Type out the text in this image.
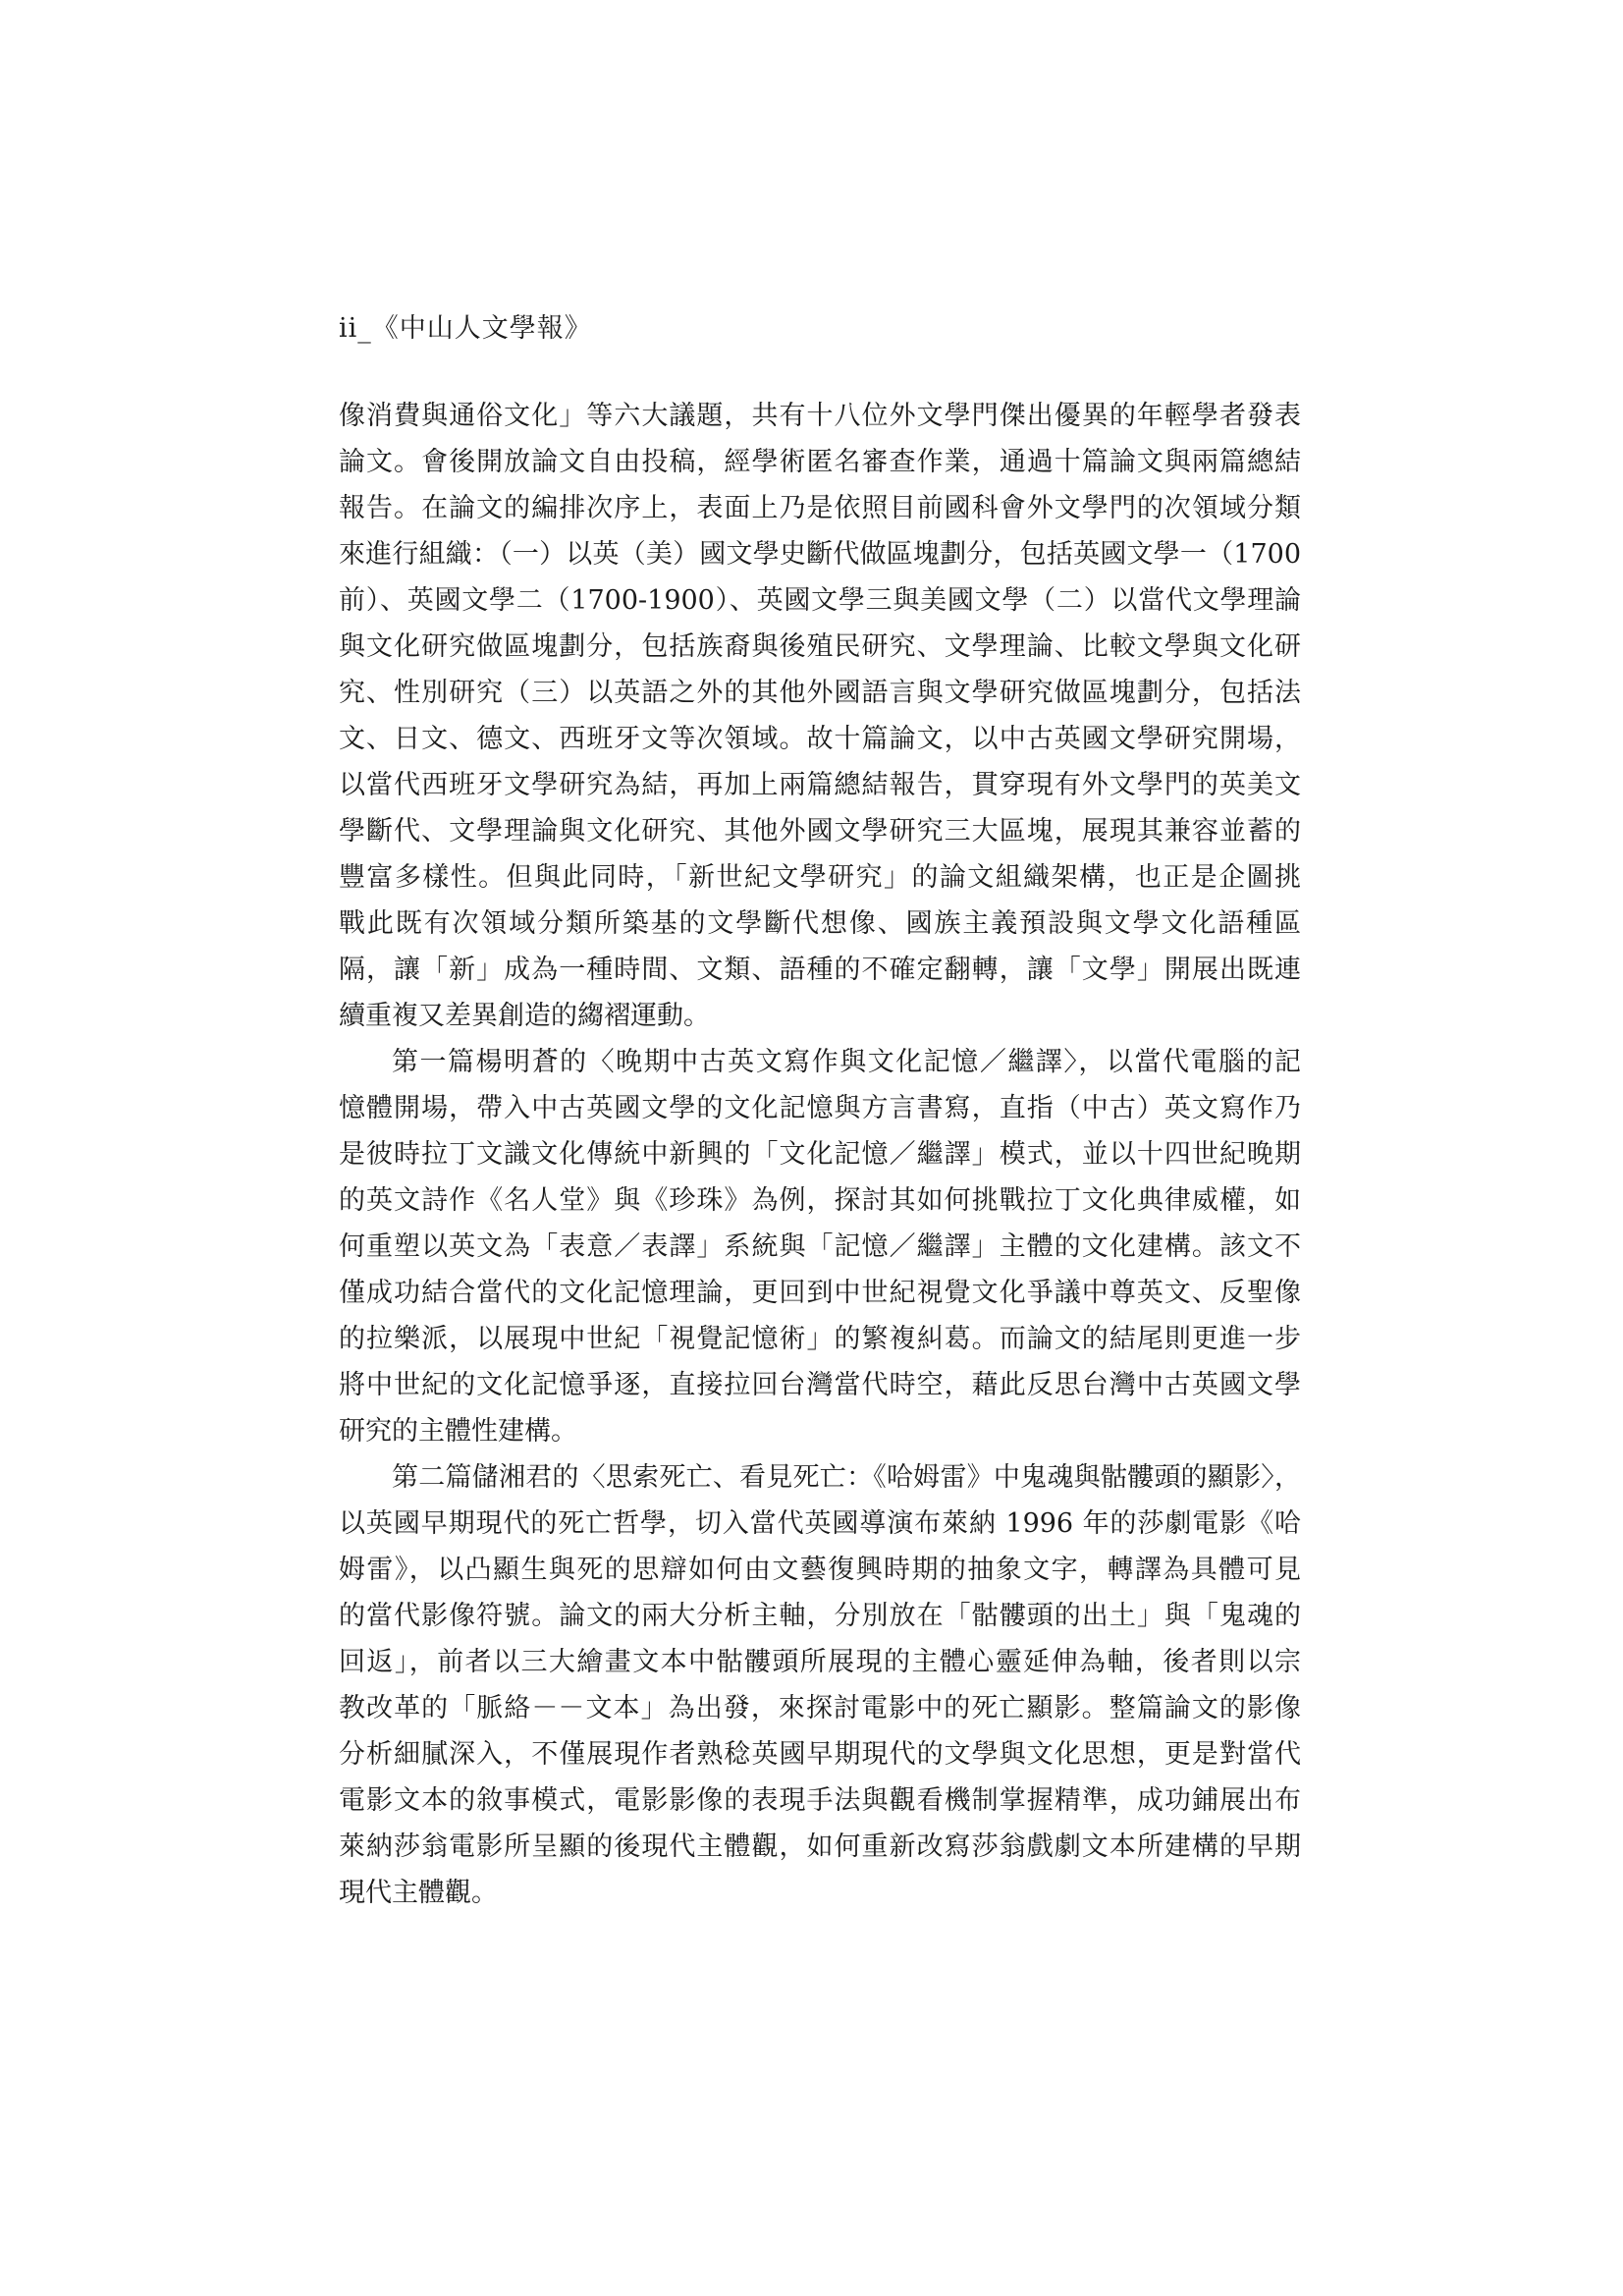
ii_《中山人文學報》

像消費與通俗文化」等六大議題，共有十八位外文學門傑出優異的年輕學者發表
論文。會後開放論文自由投稿，經學術匿名審查作業，通過十篇論文與兩篇總結
報告。在論文的編排次序上，表面上乃是依照目前國科會外文學門的次領域分類
來進行組織：（一）以英（美）國文學史斷代做區塊劃分，包括英國文學一（1700
前）、英國文學二（1700-1900）、英國文學三與美國文學（二）以當代文學理論
與文化研究做區塊劃分，包括族裔與後殖民研究、文學理論、比較文學與文化研
究、性別研究（三）以英語之外的其他外國語言與文學研究做區塊劃分，包括法
文、日文、德文、西班牙文等次領域。故十篇論文，以中古英國文學研究開場，
以當代西班牙文學研究為結，再加上兩篇總結報告，貫穿現有外文學門的英美文
學斷代、文學理論與文化研究、其他外國文學研究三大區塊，展現其兼容並蓄的
豐富多樣性。但與此同時，「新世紀文學研究」的論文組織架構，也正是企圖挑
戰此既有次領域分類所築基的文學斷代想像、國族主義預設與文學文化語種區
隔，讓「新」成為一種時間、文類、語種的不確定翻轉，讓「文學」開展出既連
續重複又差異創造的縐褶運動。

第一篇楊明蒼的〈晚期中古英文寫作與文化記憶／繼譯〉，以當代電腦的記
憶體開場，帶入中古英國文學的文化記憶與方言書寫，直指（中古）英文寫作乃
是彼時拉丁文識文化傳統中新興的「文化記憶／繼譯」模式，並以十四世紀晚期
的英文詩作《名人堂》與《珍珠》為例，探討其如何挑戰拉丁文化典律威權，如
何重塑以英文為「表意／表譯」系統與「記憶／繼譯」主體的文化建構。該文不
僅成功結合當代的文化記憶理論，更回到中世紀視覺文化爭議中尊英文、反聖像
的拉樂派，以展現中世紀「視覺記憶術」的繁複糾葛。而論文的結尾則更進一步
將中世紀的文化記憶爭逐，直接拉回台灣當代時空，藉此反思台灣中古英國文學
研究的主體性建構。

第二篇儲湘君的〈思索死亡、看見死亡：《哈姆雷》中鬼魂與骷髏頭的顯影〉，
以英國早期現代的死亡哲學，切入當代英國導演布萊納 1996 年的莎劇電影《哈
姆雷》，以凸顯生與死的思辯如何由文藝復興時期的抽象文字，轉譯為具體可見
的當代影像符號。論文的兩大分析主軸，分別放在「骷髏頭的出土」與「鬼魂的
回返」，前者以三大繪畫文本中骷髏頭所展現的主體心靈延伸為軸，後者則以宗
教改革的「脈絡－－文本」為出發，來探討電影中的死亡顯影。整篇論文的影像
分析細膩深入，不僅展現作者熟稔英國早期現代的文學與文化思想，更是對當代
電影文本的敘事模式，電影影像的表現手法與觀看機制掌握精準，成功鋪展出布
萊納莎翁電影所呈顯的後現代主體觀，如何重新改寫莎翁戲劇文本所建構的早期
現代主體觀。
